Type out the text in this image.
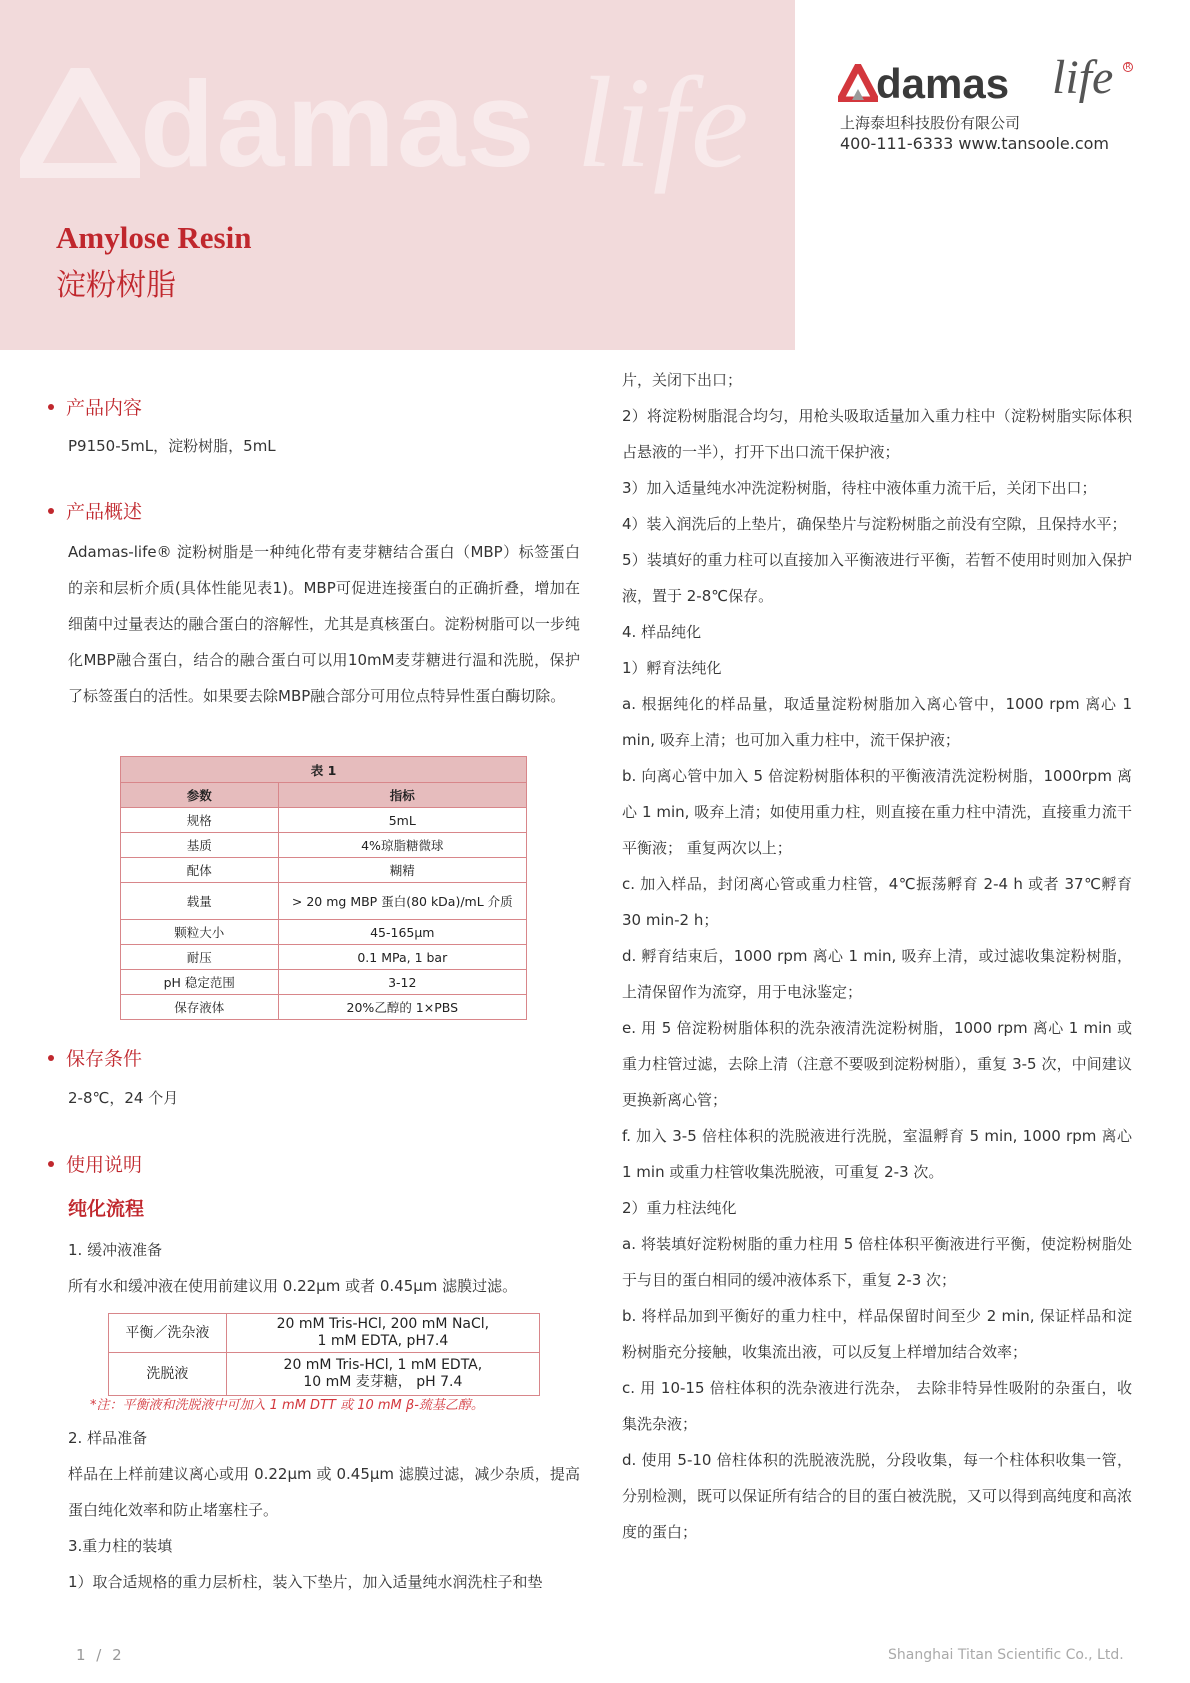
damas life	damas life R
上海泰坦科技股份有限公司
400-111-6333 www.tansoole.com
Amylose Resin
淀粉树脂
产品内容
P9150-5mL，淀粉树脂，5mL
产品概述
Adamas-life® 淀粉树脂是一种纯化带有麦芽糖结合蛋白（MBP）标签蛋白的亲和层析介质(具体性能见表1)。MBP可促进连接蛋白的正确折叠，增加在细菌中过量表达的融合蛋白的溶解性，尤其是真核蛋白。淀粉树脂可以一步纯化MBP融合蛋白，结合的融合蛋白可以用10mM麦芽糖进行温和洗脱，保护了标签蛋白的活性。如果要去除MBP融合部分可用位点特异性蛋白酶切除。
表 1	
参数	指标
规格	5mL
基质	4%琼脂糖微球
配体	糊精
载量	> 20 mg MBP 蛋白(80 kDa)/mL 介质
颗粒大小	45-165μm
耐压	0.1 MPa, 1 bar
pH 稳定范围	3-12
保存液体	20%乙醇的 1×PBS
保存条件
2-8℃，24 个月
使用说明
纯化流程
1. 缓冲液准备
所有水和缓冲液在使用前建议用 0.22μm 或者 0.45μm 滤膜过滤。
平衡／洗杂液	20 mM Tris-HCl, 200 mM NaCl,
1 mM EDTA, pH7.4

洗脱液	20 mM Tris-HCl, 1 mM EDTA,
10 mM 麦芽糖， pH 7.4
*注：平衡液和洗脱液中可加入 1 mM DTT 或 10 mM β-巯基乙醇。
2. 样品准备
样品在上样前建议离心或用 0.22μm 或 0.45μm 滤膜过滤，减少杂质，提高蛋白纯化效率和防止堵塞柱子。
3.重力柱的装填
1）取合适规格的重力层析柱，装入下垫片，加入适量纯水润洗柱子和垫
片，关闭下出口；
2）将淀粉树脂混合均匀，用枪头吸取适量加入重力柱中（淀粉树脂实际体积占悬液的一半），打开下出口流干保护液；
3）加入适量纯水冲洗淀粉树脂，待柱中液体重力流干后，关闭下出口；
4）装入润洗后的上垫片，确保垫片与淀粉树脂之前没有空隙，且保持水平；
5）装填好的重力柱可以直接加入平衡液进行平衡，若暂不使用时则加入保护液，置于 2-8℃保存。
4. 样品纯化
1）孵育法纯化
a. 根据纯化的样品量，取适量淀粉树脂加入离心管中，1000 rpm 离心 1 min, 吸弃上清；也可加入重力柱中，流干保护液；
b. 向离心管中加入 5 倍淀粉树脂体积的平衡液清洗淀粉树脂，1000rpm 离心 1 min, 吸弃上清；如使用重力柱，则直接在重力柱中清洗，直接重力流干平衡液； 重复两次以上；
c. 加入样品，封闭离心管或重力柱管，4℃振荡孵育 2-4 h 或者 37℃孵育 30 min-2 h；
d. 孵育结束后，1000 rpm 离心 1 min, 吸弃上清，或过滤收集淀粉树脂，上清保留作为流穿，用于电泳鉴定；
e. 用 5 倍淀粉树脂体积的洗杂液清洗淀粉树脂，1000 rpm 离心 1 min 或重力柱管过滤，去除上清（注意不要吸到淀粉树脂），重复 3-5 次，中间建议更换新离心管；
f. 加入 3-5 倍柱体积的洗脱液进行洗脱，室温孵育 5 min, 1000 rpm 离心 1 min 或重力柱管收集洗脱液，可重复 2-3 次。
2）重力柱法纯化
a. 将装填好淀粉树脂的重力柱用 5 倍柱体积平衡液进行平衡，使淀粉树脂处于与目的蛋白相同的缓冲液体系下，重复 2-3 次；
b. 将样品加到平衡好的重力柱中，样品保留时间至少 2 min, 保证样品和淀粉树脂充分接触，收集流出液，可以反复上样增加结合效率；
c. 用 10-15 倍柱体积的洗杂液进行洗杂， 去除非特异性吸附的杂蛋白，收集洗杂液；
d. 使用 5-10 倍柱体积的洗脱液洗脱，分段收集，每一个柱体积收集一管，分别检测，既可以保证所有结合的目的蛋白被洗脱，又可以得到高纯度和高浓度的蛋白；
1 / 2	Shanghai Titan Scientific Co., Ltd.
